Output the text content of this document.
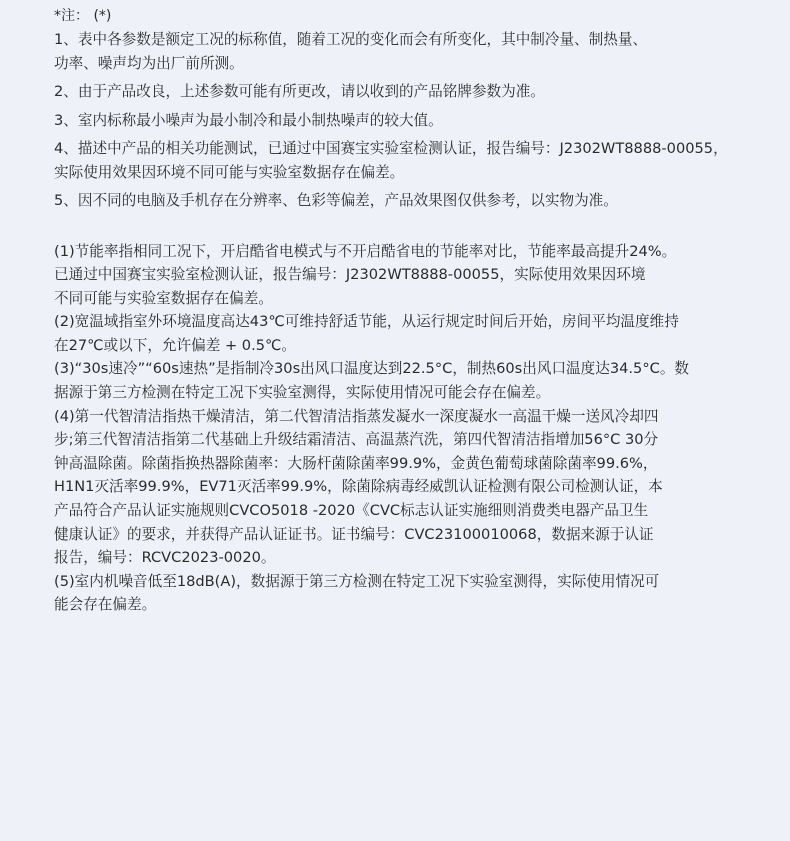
*注： (*)

1、表中各参数是额定工况的标称值，随着工况的变化而会有所变化，其中制冷量、制热量、

功率、噪声均为出厂前所测。

2、由于产品改良，上述参数可能有所更改，请以收到的产品铭牌参数为准。

3、室内标称最小噪声为最小制冷和最小制热噪声的较大值。

4、描述中产品的相关功能测试，已通过中国赛宝实验室检测认证，报告编号：J2302WT8888-00055，

实际使用效果因环境不同可能与实验室数据存在偏差。

5、因不同的电脑及手机存在分辨率、色彩等偏差，产品效果图仅供参考，以实物为准。

(1)节能率指相同工况下，开启酷省电模式与不开启酷省电的节能率对比，节能率最高提升24%。

已通过中国赛宝实验室检测认证，报告编号：J2302WT8888-00055，实际使用效果因环境

不同可能与实验室数据存在偏差。

(2)宽温域指室外环境温度高达43℃可维持舒适节能，从运行规定时间后开始，房间平均温度维持

在27℃或以下，允许偏差 + 0.5℃。

(3)“30s速冷”“60s速热”是指制冷30s出风口温度达到22.5°C，制热60s出风口温度达34.5°C。数

据源于第三方检测在特定工况下实验室测得，实际使用情况可能会存在偏差。

(4)第一代智清洁指热干燥清洁，第二代智清洁指蒸发凝水一深度凝水一高温干燥一送风冷却四

步;第三代智清洁指第二代基础上升级结霜清洁、高温蒸汽洗，第四代智清洁指增加56°C 30分

钟高温除菌。除菌指换热器除菌率：大肠杆菌除菌率99.9%，金黄色葡萄球菌除菌率99.6%，

H1N1灭活率99.9%，EV71灭活率99.9%，除菌除病毒经威凯认证检测有限公司检测认证，本

产品符合产品认证实施规则CVCO5018 -2020《CVC标志认证实施细则消费类电器产品卫生

健康认证》的要求，并获得产品认证证书。证书编号：CVC23100010068，数据来源于认证

报告，编号：RCVC2023-0020。

(5)室内机噪音低至18dB(A)，数据源于第三方检测在特定工况下实验室测得，实际使用情况可

能会存在偏差。
